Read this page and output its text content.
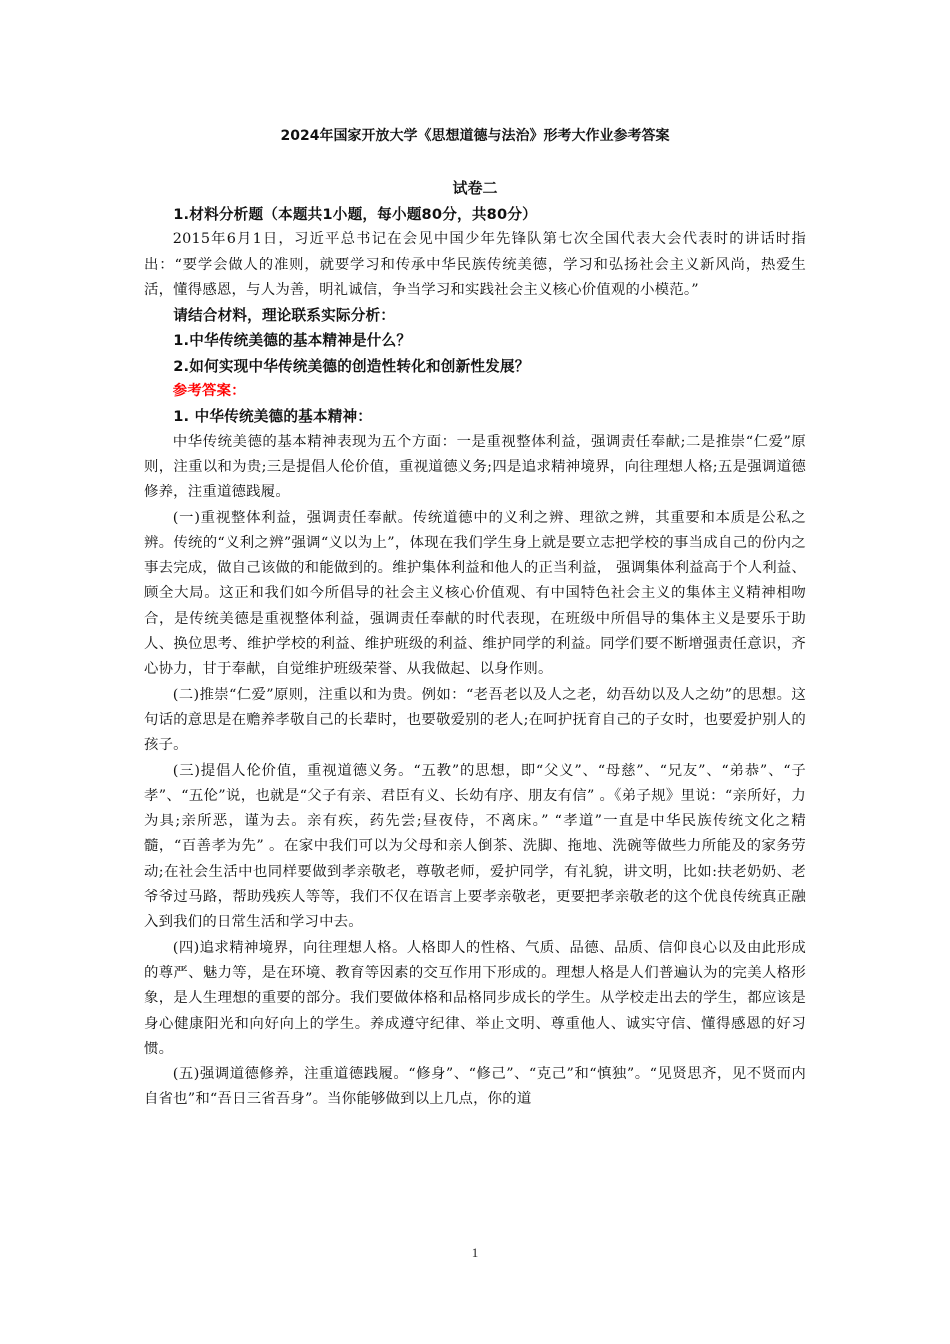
2024年国家开放大学《思想道德与法治》形考大作业参考答案
试卷二

1.材料分析题（本题共1小题，每小题80分，共80分）

2015年6月1日，习近平总书记在会见中国少年先锋队第七次全国代表大会代表时的讲话时指出：“要学会做人的准则，就要学习和传承中华民族传统美德，学习和弘扬社会主义新风尚，热爱生活，懂得感恩，与人为善，明礼诚信，争当学习和实践社会主义核心价值观的小模范。”

请结合材料，理论联系实际分析：

1.中华传统美德的基本精神是什么？

2.如何实现中华传统美德的创造性转化和创新性发展？

参考答案：

1. 中华传统美德的基本精神：

中华传统美德的基本精神表现为五个方面：一是重视整体利益，强调责任奉献;二是推崇“仁爱”原则，注重以和为贵;三是提倡人伦价值，重视道德义务;四是追求精神境界，向往理想人格;五是强调道德修养，注重道德践履。

(一)重视整体利益，强调责任奉献。传统道德中的义利之辨、理欲之辨，其重要和本质是公私之辨。传统的“义利之辨”强调“义以为上”，体现在我们学生身上就是要立志把学校的事当成自己的份内之事去完成，做自己该做的和能做到的。维护集体利益和他人的正当利益， 强调集体利益高于个人利益、顾全大局。这正和我们如今所倡导的社会主义核心价值观、有中国特色社会主义的集体主义精神相吻合，是传统美德是重视整体利益，强调责任奉献的时代表现，在班级中所倡导的集体主义是要乐于助人、换位思考、维护学校的利益、维护班级的利益、维护同学的利益。同学们要不断增强责任意识，齐心协力，甘于奉献，自觉维护班级荣誉、从我做起、以身作则。

(二)推崇“仁爱”原则，注重以和为贵。例如：“老吾老以及人之老，幼吾幼以及人之幼”的思想。这句话的意思是在赡养孝敬自己的长辈时，也要敬爱别的老人;在呵护抚育自己的子女时，也要爱护别人的孩子。

(三)提倡人伦价值，重视道德义务。“五教”的思想，即“父义”、“母慈”、“兄友”、“弟恭”、“子孝”、“五伦”说，也就是“父子有亲、君臣有义、长幼有序、朋友有信” 。《弟子规》里说：“亲所好，力为具;亲所恶，谨为去。亲有疾，药先尝;昼夜侍，不离床。” “孝道”一直是中华民族传统文化之精髓，“百善孝为先” 。在家中我们可以为父母和亲人倒茶、洗脚、拖地、洗碗等做些力所能及的家务劳动;在社会生活中也同样要做到孝亲敬老，尊敬老师，爱护同学，有礼貌，讲文明，比如:扶老奶奶、老爷爷过马路，帮助残疾人等等，我们不仅在语言上要孝亲敬老，更要把孝亲敬老的这个优良传统真正融入到我们的日常生活和学习中去。

(四)追求精神境界，向往理想人格。人格即人的性格、气质、品德、品质、信仰良心以及由此形成的尊严、魅力等，是在环境、教育等因素的交互作用下形成的。理想人格是人们普遍认为的完美人格形象，是人生理想的重要的部分。我们要做体格和品格同步成长的学生。从学校走出去的学生，都应该是身心健康阳光和向好向上的学生。养成遵守纪律、举止文明、尊重他人、诚实守信、懂得感恩的好习惯。

(五)强调道德修养，注重道德践履。“修身”、“修己”、“克己”和“慎独”。“见贤思齐，见不贤而内自省也”和“吾日三省吾身”。当你能够做到以上几点，你的道

1
